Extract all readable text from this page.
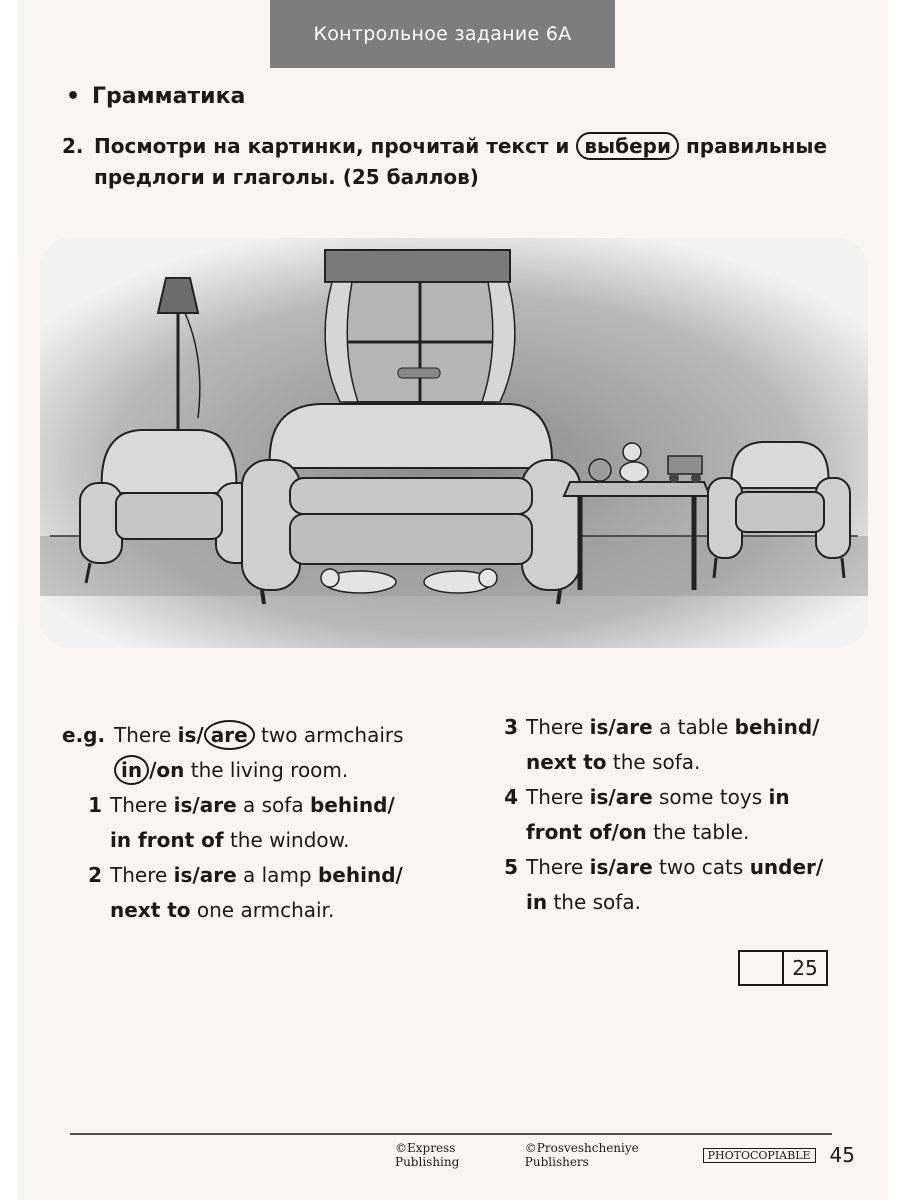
Контрольное задание 6А
• Грамматика
2. Посмотри на картинки, прочитай текст и выбери правильные
предлоги и глаголы. (25 баллов)
e.g. There is/ are two armchairs
in /on the living room.
1 There is/are a sofa behind/
in front of the window.
2 There is/are a lamp behind/
next to one armchair.
3 There is/are a table behind/
next to the sofa.
4 There is/are some toys in
front of/on the table.
5 There is/are two cats under/
in the sofa.
25
©Express Publishing
©Prosveshcheniye Publishers	PHOTOCOPIABLE 45
